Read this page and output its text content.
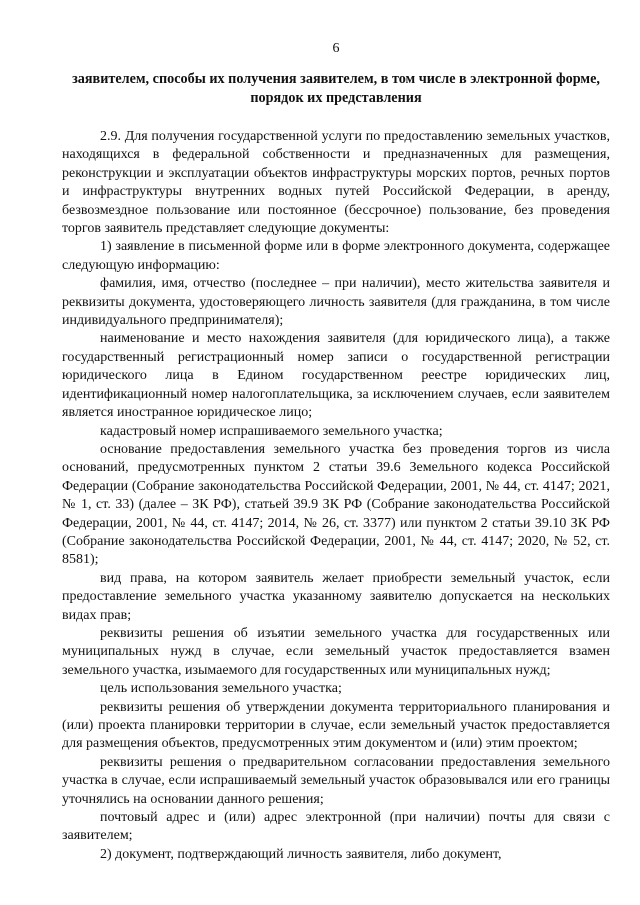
6
заявителем, способы их получения заявителем, в том числе в электронной форме, порядок их представления

2.9. Для получения государственной услуги по предоставлению земельных участков, находящихся в федеральной собственности и предназначенных для размещения, реконструкции и эксплуатации объектов инфраструктуры морских портов, речных портов и инфраструктуры внутренних водных путей Российской Федерации, в аренду, безвозмездное пользование или постоянное (бессрочное) пользование, без проведения торгов заявитель представляет следующие документы:

1) заявление в письменной форме или в форме электронного документа, содержащее следующую информацию:

фамилия, имя, отчество (последнее – при наличии), место жительства заявителя и реквизиты документа, удостоверяющего личность заявителя (для гражданина, в том числе индивидуального предпринимателя);

наименование и место нахождения заявителя (для юридического лица), а также государственный регистрационный номер записи о государственной регистрации юридического лица в Едином государственном реестре юридических лиц, идентификационный номер налогоплательщика, за исключением случаев, если заявителем является иностранное юридическое лицо;

кадастровый номер испрашиваемого земельного участка;

основание предоставления земельного участка без проведения торгов из числа оснований, предусмотренных пунктом 2 статьи 39.6 Земельного кодекса Российской Федерации (Собрание законодательства Российской Федерации, 2001, № 44, ст. 4147; 2021, № 1, ст. 33) (далее – ЗК РФ), статьей 39.9 ЗК РФ (Собрание законодательства Российской Федерации, 2001, № 44, ст. 4147; 2014, № 26, ст. 3377) или пунктом 2 статьи 39.10 ЗК РФ (Собрание законодательства Российской Федерации, 2001, № 44, ст. 4147; 2020, № 52, ст. 8581);

вид права, на котором заявитель желает приобрести земельный участок, если предоставление земельного участка указанному заявителю допускается на нескольких видах прав;

реквизиты решения об изъятии земельного участка для государственных или муниципальных нужд в случае, если земельный участок предоставляется взамен земельного участка, изымаемого для государственных или муниципальных нужд;

цель использования земельного участка;

реквизиты решения об утверждении документа территориального планирования и (или) проекта планировки территории в случае, если земельный участок предоставляется для размещения объектов, предусмотренных этим документом и (или) этим проектом;

реквизиты решения о предварительном согласовании предоставления земельного участка в случае, если испрашиваемый земельный участок образовывался или его границы уточнялись на основании данного решения;

почтовый адрес и (или) адрес электронной (при наличии) почты для связи с заявителем;

2) документ, подтверждающий личность заявителя, либо документ,
